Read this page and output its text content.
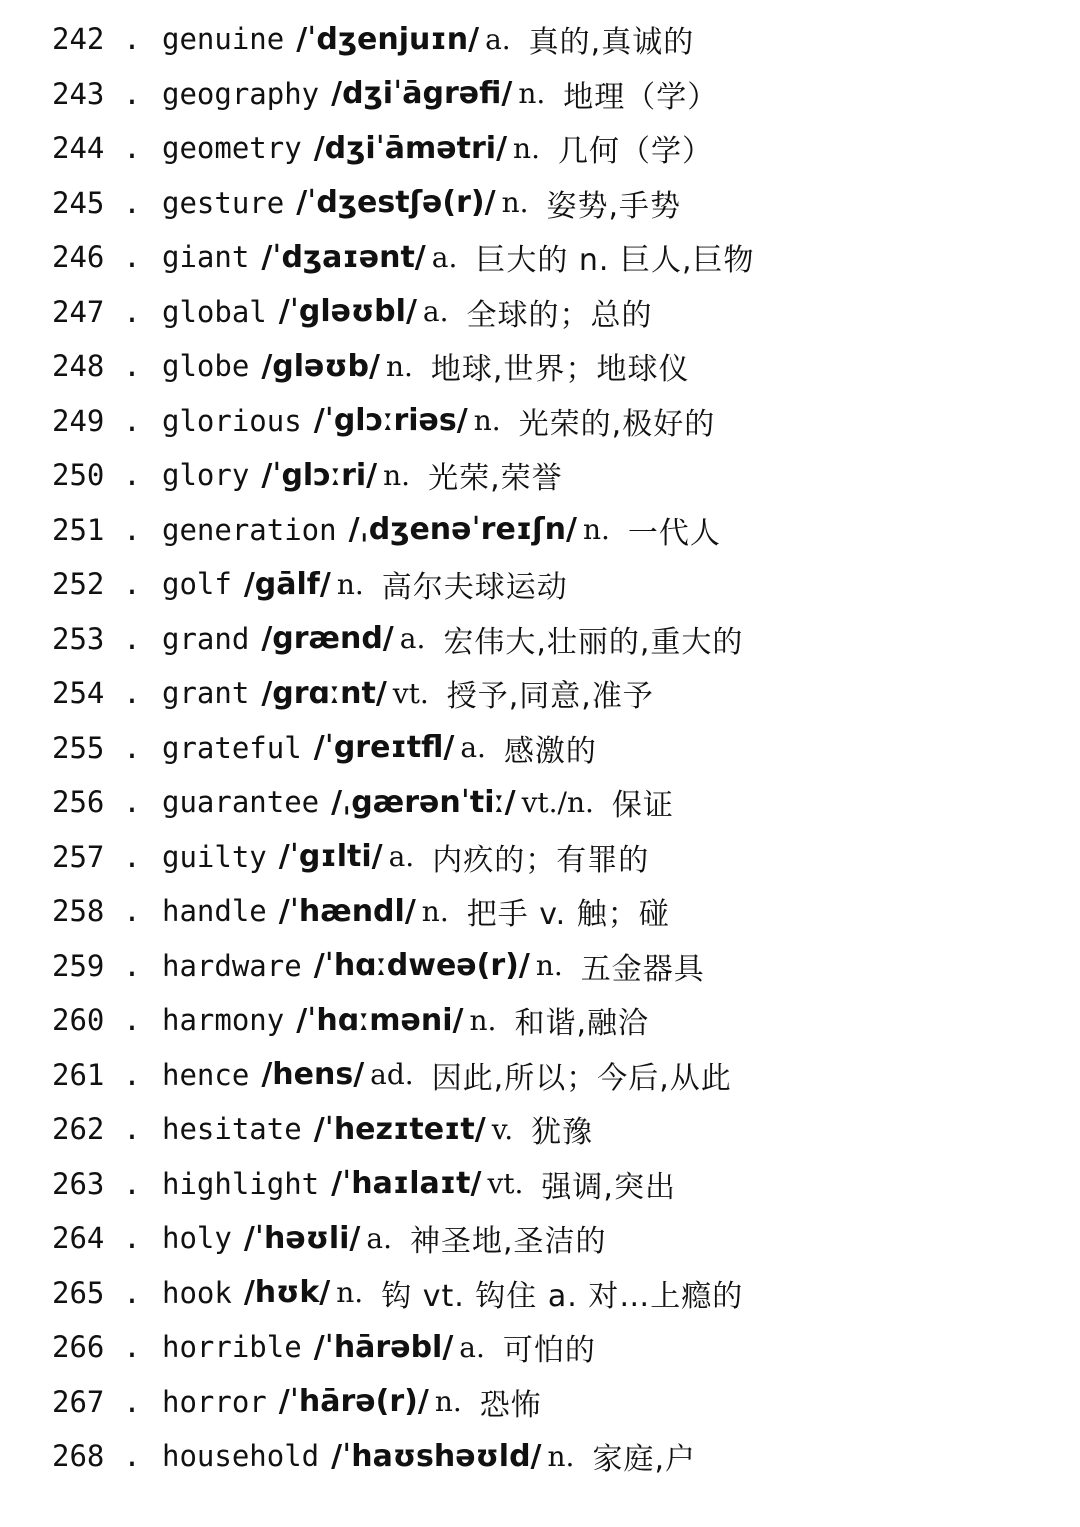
242 . genuine /ˈdʒenjuɪn/ a. 真的,真诚的
243 . geography /dʒiˈāgrəfi/ n. 地理（学）
244 . geometry /dʒiˈāmətri/ n. 几何（学）
245 . gesture /ˈdʒestʃə(r)/ n. 姿势,手势
246 . giant /ˈdʒaɪənt/ a. 巨大的 n. 巨人,巨物
247 . global /ˈgləʊbl/ a. 全球的；总的
248 . globe /gləʊb/ n. 地球,世界；地球仪
249 . glorious /ˈglɔːriəs/ n. 光荣的,极好的
250 . glory /ˈglɔːri/ n. 光荣,荣誉
251 . generation /ˌdʒenəˈreɪʃn/ n. 一代人
252 . golf /gālf/ n. 高尔夫球运动
253 . grand /grænd/ a. 宏伟大,壮丽的,重大的
254 . grant /grɑːnt/ vt. 授予,同意,准予
255 . grateful /ˈgreɪtfl/ a. 感激的
256 . guarantee /ˌgærənˈtiː/ vt./n. 保证
257 . guilty /ˈgɪlti/ a. 内疚的；有罪的
258 . handle /ˈhændl/ n. 把手 v. 触；碰
259 . hardware /ˈhɑːdweə(r)/ n. 五金器具
260 . harmony /ˈhɑːməni/ n. 和谐,融洽
261 . hence /hens/ ad. 因此,所以；今后,从此
262 . hesitate /ˈhezɪteɪt/ v. 犹豫
263 . highlight /ˈhaɪlaɪt/ vt. 强调,突出
264 . holy /ˈhəʊli/ a. 神圣地,圣洁的
265 . hook /hʊk/ n. 钩 vt. 钩住 a. 对…上瘾的
266 . horrible /ˈhārəbl/ a. 可怕的
267 . horror /ˈhārə(r)/ n. 恐怖
268 . household /ˈhaʊshəʊld/ n. 家庭,户
